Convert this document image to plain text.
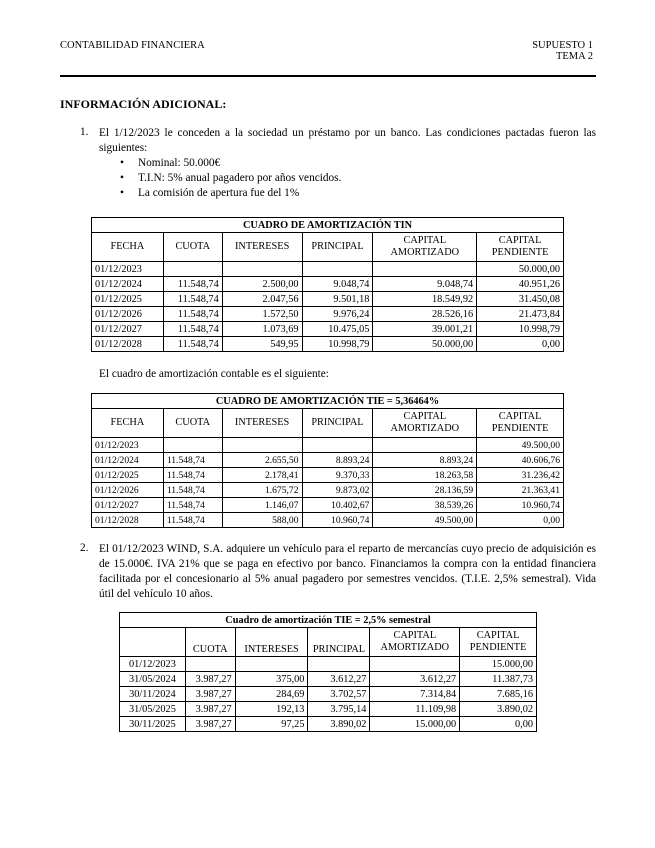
CONTABILIDAD FINANCIERA	SUPUESTO 1
TEMA 2
INFORMACIÓN ADICIONAL:
1. El 1/12/2023 le conceden a la sociedad un préstamo por un banco. Las condiciones pactadas fueron las siguientes:
• Nominal: 50.000€
• T.I.N: 5% anual pagadero por años vencidos.
• La comisión de apertura fue del 1%
CUADRO DE AMORTIZACIÓN TIN					
FECHA	CUOTA	INTERESES	PRINCIPAL	CAPITAL AMORTIZADO	CAPITAL PENDIENTE
01/12/2023					50.000,00
01/12/2024	11.548,74	2.500,00	9.048,74	9.048,74	40.951,26
01/12/2025	11.548,74	2.047,56	9.501,18	18.549,92	31.450,08
01/12/2026	11.548,74	1.572,50	9.976,24	28.526,16	21.473,84
01/12/2027	11.548,74	1.073,69	10.475,05	39.001,21	10.998,79
01/12/2028	11.548,74	549,95	10.998,79	50.000,00	0,00
El cuadro de amortización contable es el siguiente:
CUADRO DE AMORTIZACIÓN TIE = 5,36464%					
FECHA	CUOTA	INTERESES	PRINCIPAL	CAPITAL AMORTIZADO	CAPITAL PENDIENTE
01/12/2023					49.500,00
01/12/2024	11.548,74	2.655,50	8.893,24	8.893,24	40.606,76
01/12/2025	11.548,74	2.178,41	9.370,33	18.263,58	31.236,42
01/12/2026	11.548,74	1.675,72	9.873,02	28.136,59	21.363,41
01/12/2027	11.548,74	1.146,07	10.402,67	38.539,26	10.960,74
01/12/2028	11.548,74	588,00	10.960,74	49.500,00	0,00
2. El 01/12/2023 WIND, S.A. adquiere un vehículo para el reparto de mercancías cuyo precio de adquisición es de 15.000€. IVA 21% que se paga en efectivo por banco. Financiamos la compra con la entidad financiera facilitada por el concesionario al 5% anual pagadero por semestres vencidos. (T.I.E. 2,5% semestral). Vida útil del vehículo 10 años.
Cuadro de amortización TIE = 2,5% semestral					
	CUOTA	INTERESES	PRINCIPAL	CAPITAL AMORTIZADO	CAPITAL PENDIENTE
01/12/2023					15.000,00
31/05/2024	3.987,27	375,00	3.612,27	3.612,27	11.387,73
30/11/2024	3.987,27	284,69	3.702,57	7.314,84	7.685,16
31/05/2025	3.987,27	192,13	3.795,14	11.109,98	3.890,02
30/11/2025	3.987,27	97,25	3.890,02	15.000,00	0,00
